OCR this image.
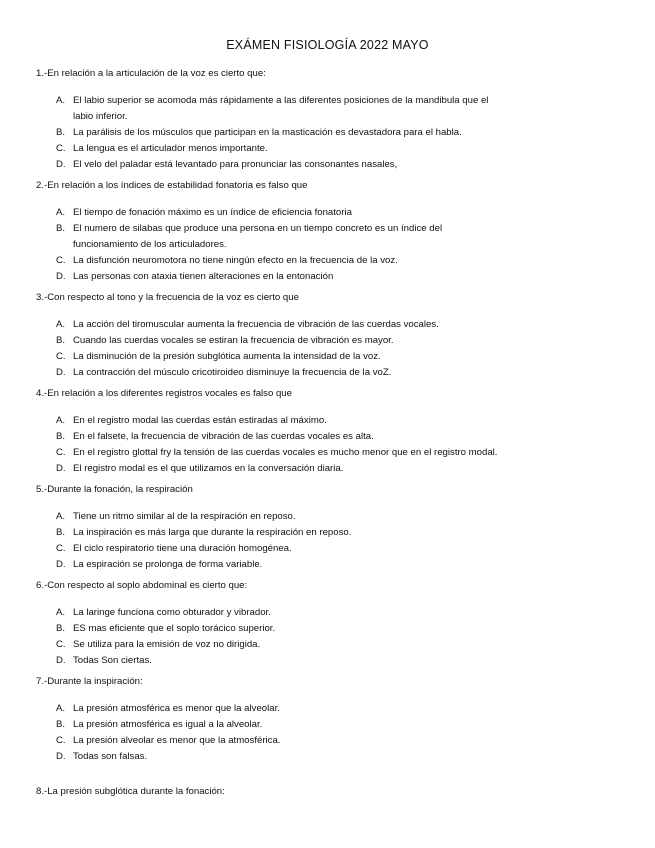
EXÁMEN FISIOLOGÍA 2022 MAYO
1.-En relación a la articulación de la voz es cierto que:
A. El labio superior se acomoda más rápidamente a las diferentes posiciones de la mandibula que el
labio inferior.
B. La parálisis de los músculos que participan en la masticación es devastadora para el habla.
C. La lengua es el articulador menos importante.
D. El velo del paladar está levantado para pronunciar las consonantes nasales,
2.-En relación a los índices de estabilidad fonatoria es falso que
A. El tiempo de fonación máximo es un índice de eficiencia fonatoria
B. El numero de silabas que produce una persona en un tiempo concreto es un índice del
funcionamiento de los articuladores.
C. La disfunción neuromotora no tiene ningún efecto en la frecuencia de la voz.
D. Las personas con ataxia tienen alteraciones en la entonación
3.-Con respecto al tono y la frecuencia de la voz es cierto que
A. La acción del tiromuscular aumenta la frecuencia de vibración de las cuerdas vocales.
B. Cuando las cuerdas vocales se estiran la frecuencia de vibración es mayor.
C. La disminución de la presión subglótica aumenta la intensidad de la voz.
D. La contracción del músculo cricotiroideo disminuye la frecuencia de la voZ.
4.-En relación a los diferentes registros vocales es falso que
A. En el registro modal las cuerdas están estiradas al máximo.
B. En el falsete, la frecuencia de vibración de las cuerdas vocales es alta.
C. En el registro glottal fry la tensión de las cuerdas vocales es mucho menor que en el registro modal.
D. El registro modal es el que utilizamos en la conversación diaria.
5.-Durante la fonación, la respiración
A. Tiene un ritmo similar al de la respiración en reposo.
B. La inspiración es más larga que durante la respiración en reposo.
C. El ciclo respiratorio tiene una duración homogénea.
D. La espiración se prolonga de forma variable.
6.-Con respecto al soplo abdominal es cierto que:
A. La laringe funciona como obturador y vibrador.
B. ES mas eficiente que el soplo torácico superior.
C. Se utiliza para la emisión de voz no dirigida.
D. Todas Son ciertas.
7.-Durante la inspiración:
A. La presión atmosférica es menor que la alveolar.
B. La presión atmosférica es igual a la alveolar.
C. La presión alveolar es menor que la atmosférica.
D. Todas son falsas.
8.-La presión subglótica durante la fonación:
